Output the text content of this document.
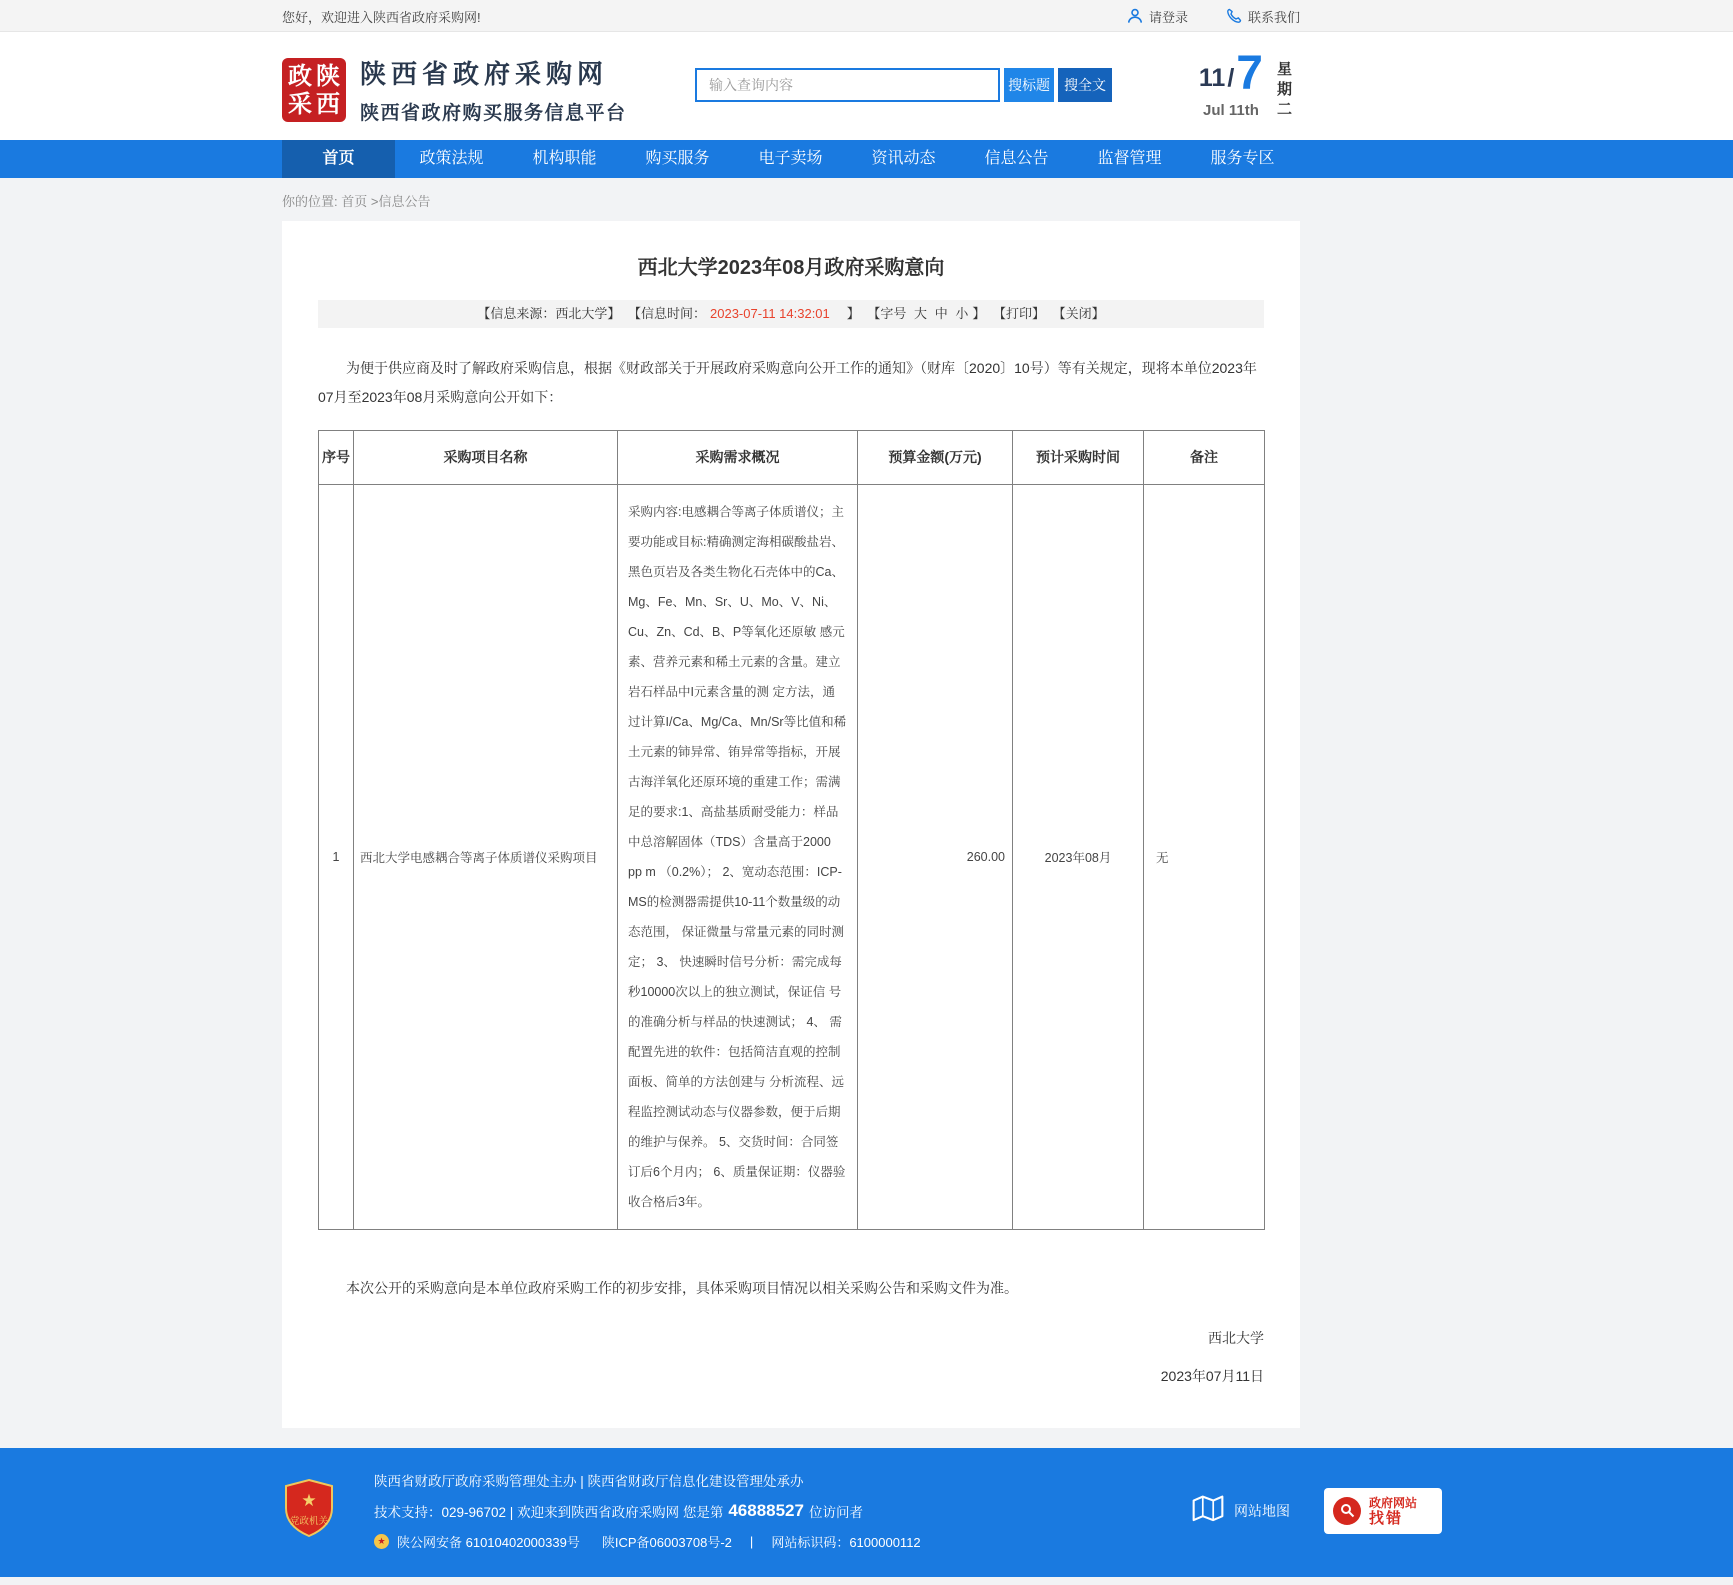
您好，欢迎进入陕西省政府采购网!	请登录	联系我们
政 陕
采 西
陕西省政府采购网
陕西省政府购买服务信息平台
输入查询内容
搜标题	搜全文	11 / 7
Jul 11th
星
期
二
首页	政策法规	机构职能	购买服务	电子卖场	资讯动态	信息公告	监督管理	服务专区
你的位置: 首页 >信息公告
西北大学2023年08月政府采购意向
【信息来源：西北大学】 【信息时间： 2023-07-11 14:32:01　】 【字号 大 中 小 】 【打印】 【关闭】

为便于供应商及时了解政府采购信息，根据《财政部关于开展政府采购意向公开工作的通知》（财库〔2020〕10号）等有关规定，现将本单位2023年07月至2023年08月采购意向公开如下：

序号	采购项目名称	采购需求概况	预算金额(万元)	预计采购时间	备注
1	西北大学电感耦合等离子体质谱仪采购项目	采购内容:电感耦合等离子体质谱仪；主要功能或目标:精确测定海相碳酸盐岩、黑色页岩及各类生物化石壳体中的Ca、Mg、Fe、Mn、Sr、U、Mo、V、Ni、Cu、Zn、Cd、B、P等氧化还原敏 感元素、营养元素和稀土元素的含量。建立岩石样品中I元素含量的测 定方法，通过计算I/Ca、Mg/Ca、Mn/Sr等比值和稀土元素的铈异常、铕异常等指标，开展古海洋氧化还原环境的重建工作；需满足的要求:1、高盐基质耐受能力：样品中总溶解固体（TDS）含量高于2000 pp m （0.2%）； 2、宽动态范围：ICP-MS的检测器需提供10-11个数量级的动态范围， 保证微量与常量元素的同时测定； 3、 快速瞬时信号分析：需完成每秒10000次以上的独立测试，保证信 号的准确分析与样品的快速测试； 4、 需配置先进的软件：包括简洁直观的控制面板、简单的方法创建与 分析流程、远程监控测试动态与仪器参数，便于后期的维护与保养。 5、交货时间：合同签订后6个月内； 6、质量保证期：仪器验收合格后3年。	260.00	2023年08月	无

本次公开的采购意向是本单位政府采购工作的初步安排，具体采购项目情况以相关采购公告和采购文件为准。

西北大学
2023年07月11日
★
党政机关
陕西省财政厅政府采购管理处主办 | 陕西省财政厅信息化建设管理处承办
技术支持：029-96702 | 欢迎来到陕西省政府采购网 您是第 46888527 位访问者
★ 陕公网安备 61010402000339号 陕ICP备06003708号-2 | 网站标识码：6100000112
网站地图	政府网站
找错
